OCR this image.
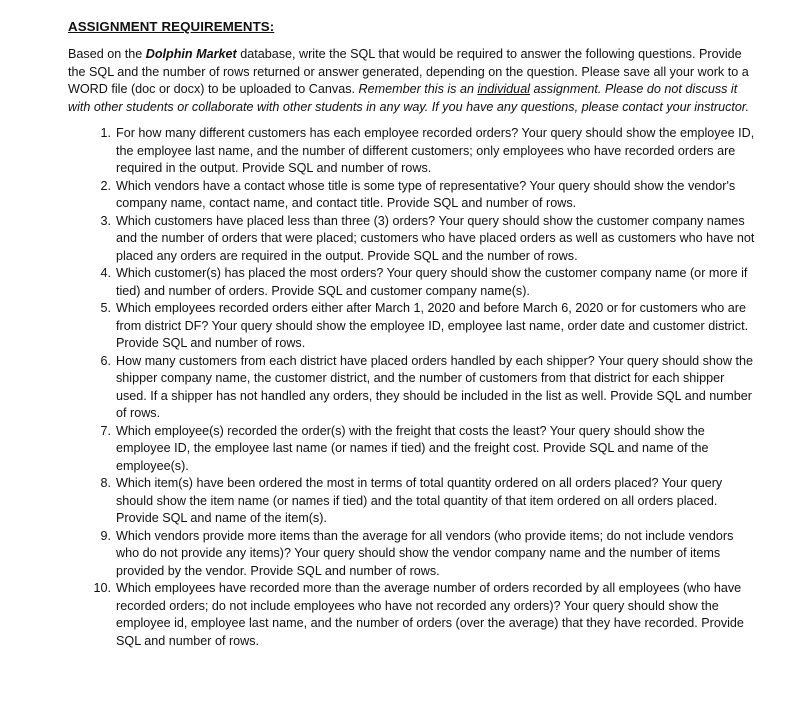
ASSIGNMENT REQUIREMENTS:

Based on the Dolphin Market database, write the SQL that would be required to answer the following questions. Provide the SQL and the number of rows returned or answer generated, depending on the question. Please save all your work to a WORD file (doc or docx) to be uploaded to Canvas. Remember this is an individual assignment. Please do not discuss it with other students or collaborate with other students in any way. If you have any questions, please contact your instructor.

1. For how many different customers has each employee recorded orders? Your query should show the employee ID, the employee last name, and the number of different customers; only employees who have recorded orders are required in the output. Provide SQL and number of rows.
2. Which vendors have a contact whose title is some type of representative? Your query should show the vendor's company name, contact name, and contact title. Provide SQL and number of rows.
3. Which customers have placed less than three (3) orders? Your query should show the customer company names and the number of orders that were placed; customers who have placed orders as well as customers who have not placed any orders are required in the output. Provide SQL and the number of rows.
4. Which customer(s) has placed the most orders? Your query should show the customer company name (or more if tied) and number of orders. Provide SQL and customer company name(s).
5. Which employees recorded orders either after March 1, 2020 and before March 6, 2020 or for customers who are from district DF? Your query should show the employee ID, employee last name, order date and customer district. Provide SQL and number of rows.
6. How many customers from each district have placed orders handled by each shipper? Your query should show the shipper company name, the customer district, and the number of customers from that district for each shipper used. If a shipper has not handled any orders, they should be included in the list as well. Provide SQL and number of rows.
7. Which employee(s) recorded the order(s) with the freight that costs the least? Your query should show the employee ID, the employee last name (or names if tied) and the freight cost. Provide SQL and name of the employee(s).
8. Which item(s) have been ordered the most in terms of total quantity ordered on all orders placed? Your query should show the item name (or names if tied) and the total quantity of that item ordered on all orders placed. Provide SQL and name of the item(s).
9. Which vendors provide more items than the average for all vendors (who provide items; do not include vendors who do not provide any items)? Your query should show the vendor company name and the number of items provided by the vendor. Provide SQL and number of rows.
10. Which employees have recorded more than the average number of orders recorded by all employees (who have recorded orders; do not include employees who have not recorded any orders)? Your query should show the employee id, employee last name, and the number of orders (over the average) that they have recorded. Provide SQL and number of rows.
